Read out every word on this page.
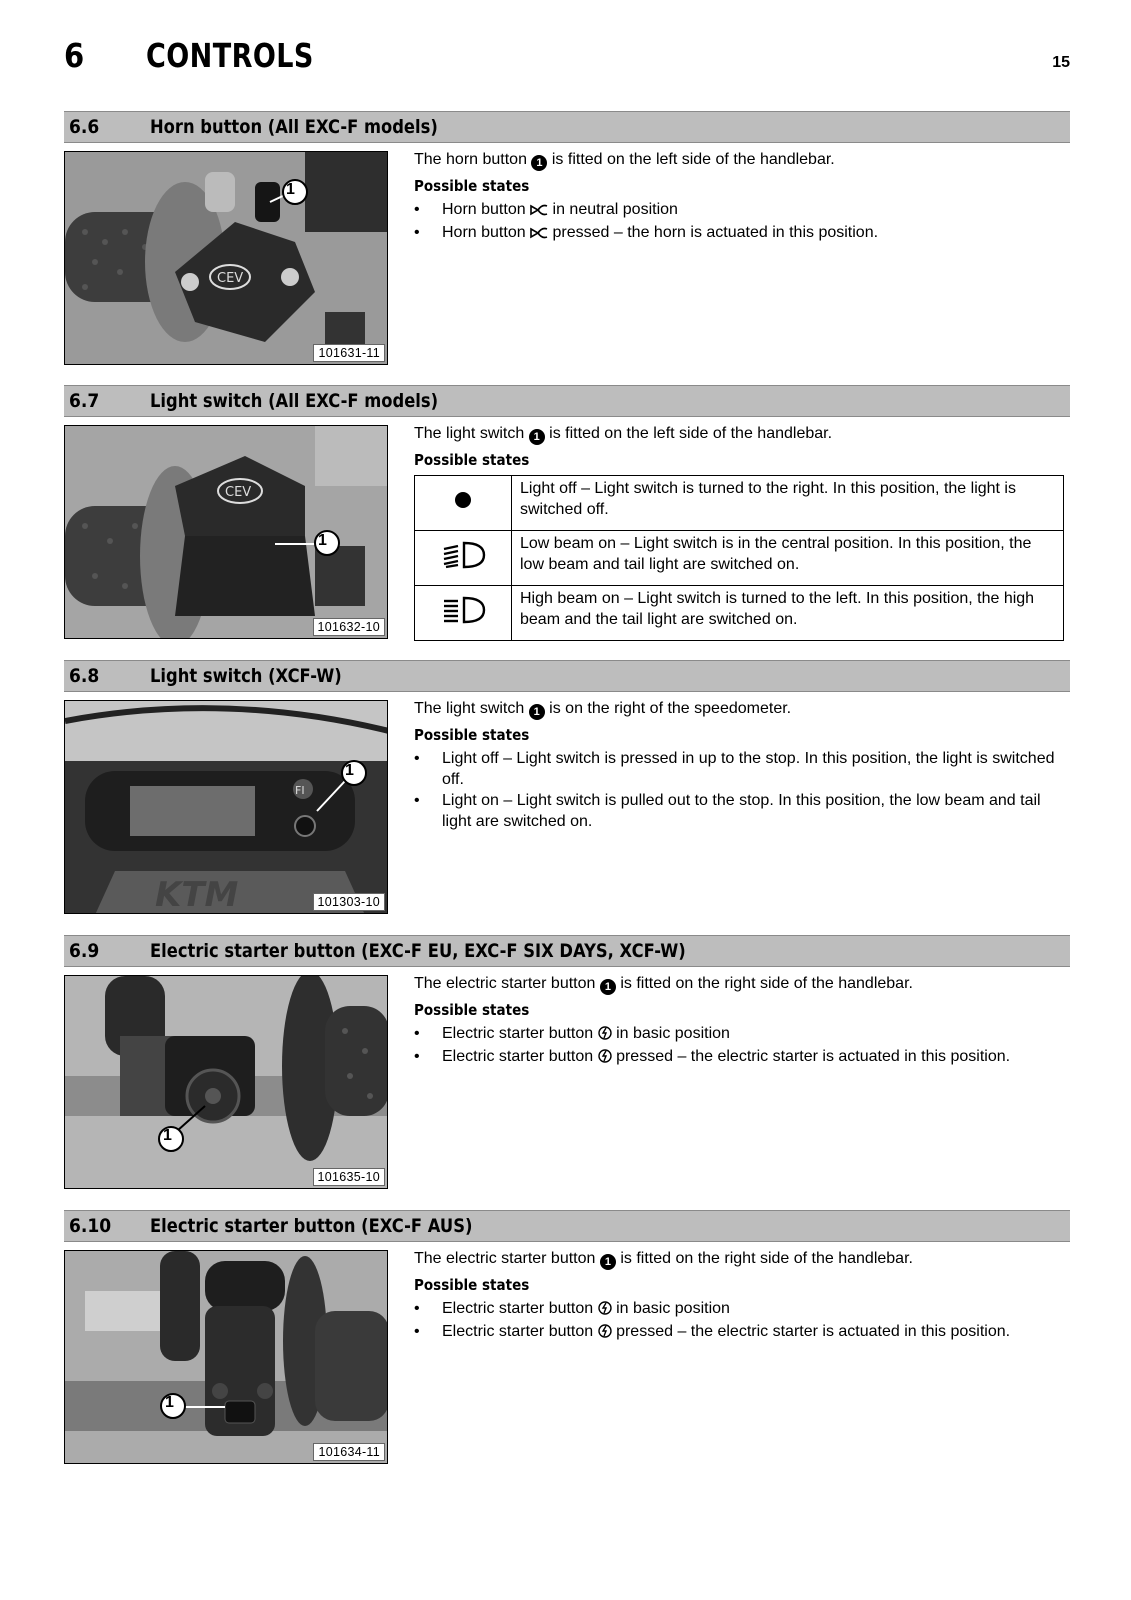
6 CONTROLS	15
6.6	Horn button (All EXC-F models)
CEV
1
101631-11

The horn button 1 is fitted on the left side of the handlebar.

Possible states
• Horn button in neutral position
• Horn button pressed – the horn is actuated in this position.
6.7	Light switch (All EXC-F models)
CEV
1
101632-10

The light switch 1 is fitted on the left side of the handlebar.

Possible states
	Light off – Light switch is turned to the right. In this position, the light is switched off.
	Low beam on – Light switch is in the central position. In this position, the low beam and tail light are switched on.
	High beam on – Light switch is turned to the left. In this position, the high beam and the tail light are switched on.
6.8	Light switch (XCF-W)
FI
KTM
1
101303-10

The light switch 1 is on the right of the speedometer.

Possible states
• Light off – Light switch is pressed in up to the stop. In this position, the light is switched off.
• Light on – Light switch is pulled out to the stop. In this position, the low beam and tail light are switched on.
6.9	Electric starter button (EXC-F EU, EXC-F SIX DAYS, XCF-W)
1
101635-10

The electric starter button 1 is fitted on the right side of the handlebar.

Possible states
• Electric starter button in basic position
• Electric starter button pressed – the electric starter is actuated in this position.
6.10 Electric starter button (EXC-F AUS)
1
101634-11

The electric starter button 1 is fitted on the right side of the handlebar.

Possible states
• Electric starter button in basic position
• Electric starter button pressed – the electric starter is actuated in this position.
